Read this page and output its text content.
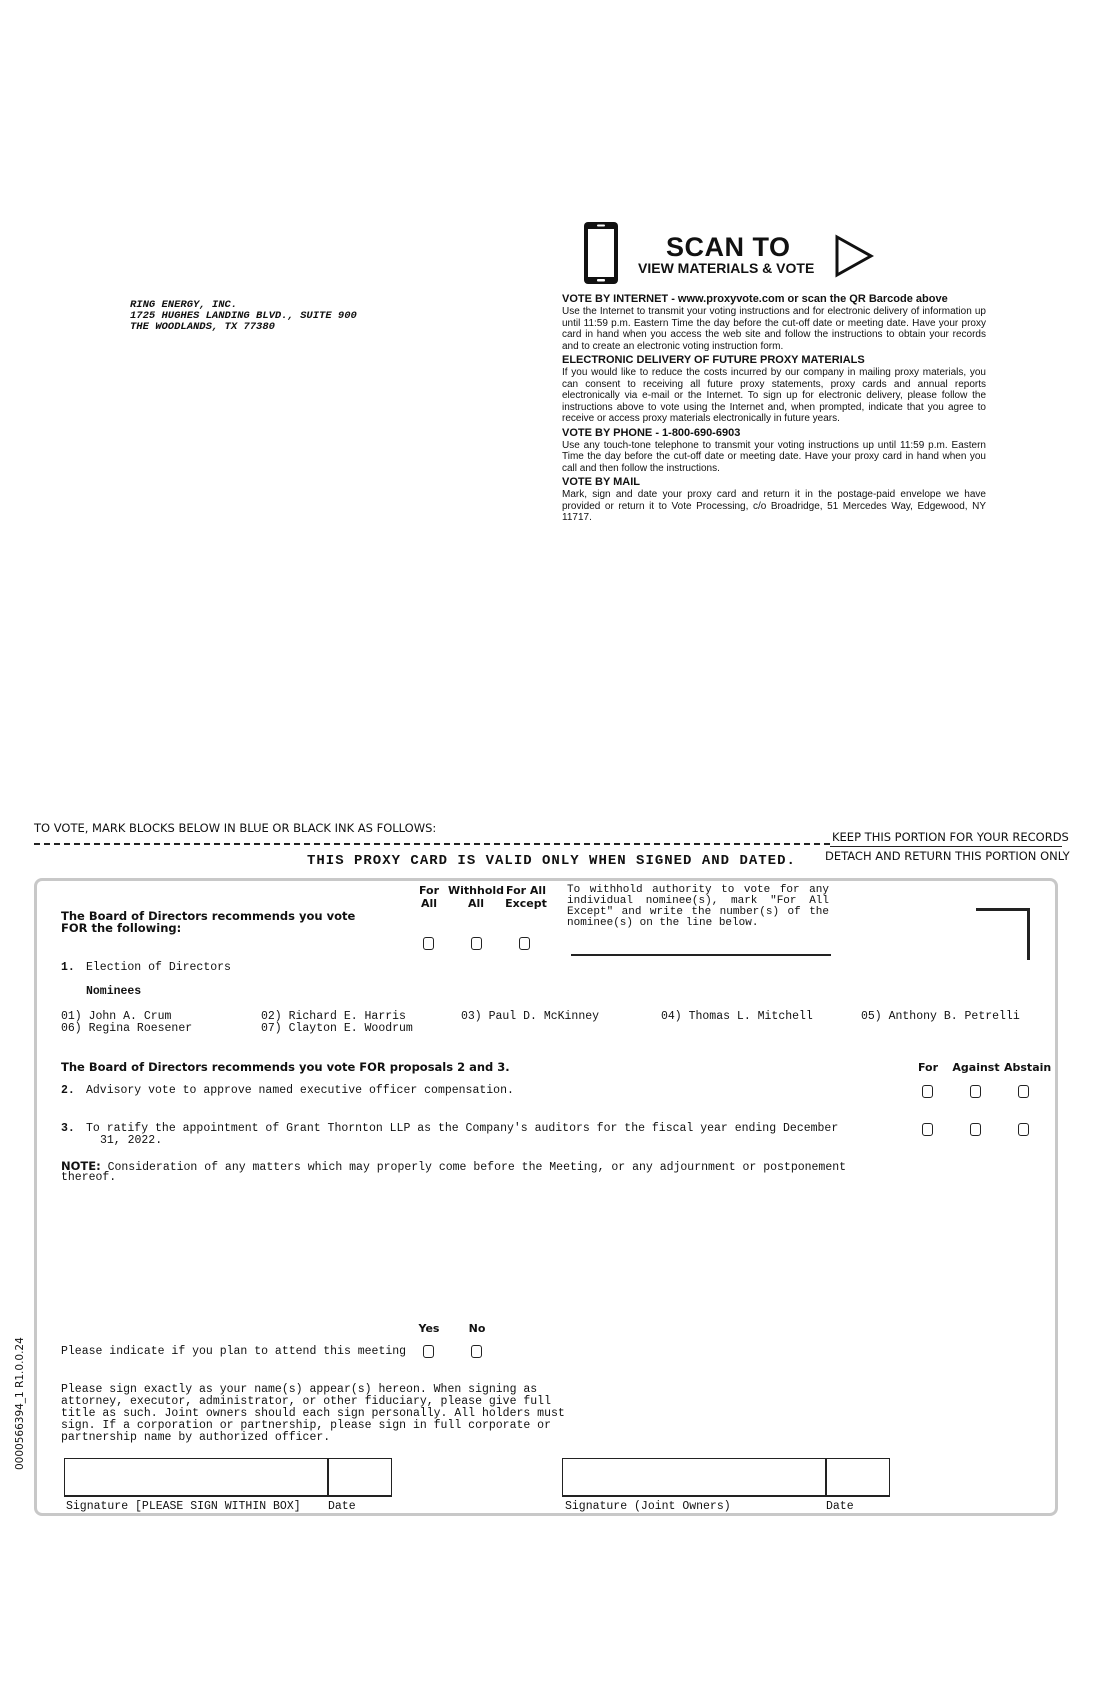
RING ENERGY, INC.
1725 HUGHES LANDING BLVD., SUITE 900
THE WOODLANDS, TX 77380
SCAN TO
VIEW MATERIALS & VOTE
VOTE BY INTERNET - www.proxyvote.com or scan the QR Barcode above

Use the Internet to transmit your voting instructions and for electronic delivery of information up until 11:59 p.m. Eastern Time the day before the cut-off date or meeting date. Have your proxy card in hand when you access the web site and follow the instructions to obtain your records and to create an electronic voting instruction form.

ELECTRONIC DELIVERY OF FUTURE PROXY MATERIALS

If you would like to reduce the costs incurred by our company in mailing proxy materials, you can consent to receiving all future proxy statements, proxy cards and annual reports electronically via e-mail or the Internet. To sign up for electronic delivery, please follow the instructions above to vote using the Internet and, when prompted, indicate that you agree to receive or access proxy materials electronically in future years.

VOTE BY PHONE - 1-800-690-6903

Use any touch-tone telephone to transmit your voting instructions up until 11:59 p.m. Eastern Time the day before the cut-off date or meeting date. Have your proxy card in hand when you call and then follow the instructions.

VOTE BY MAIL

Mark, sign and date your proxy card and return it in the postage-paid envelope we have provided or return it to Vote Processing, c/o Broadridge, 51 Mercedes Way, Edgewood, NY 11717.

TO VOTE, MARK BLOCKS BELOW IN BLUE OR BLACK INK AS FOLLOWS:
KEEP THIS PORTION FOR YOUR RECORDS
DETACH AND RETURN THIS PORTION ONLY
THIS PROXY CARD IS VALID ONLY WHEN SIGNED AND DATED.
For
All
Withhold
All
For All
Except
To withhold authority to vote for any individual nominee(s), mark "For All Except" and write the number(s) of the nominee(s) on the line below.
The Board of Directors recommends you vote FOR the following:
1. Election of Directors
Nominees
01) John A. Crum	02) Richard E. Harris	03) Paul D. McKinney	04) Thomas L. Mitchell	05) Anthony B. Petrelli
06) Regina Roesener	07) Clayton E. Woodrum
The Board of Directors recommends you vote FOR proposals 2 and 3.	For Against Abstain
2. Advisory vote to approve named executive officer compensation.
3. To ratify the appointment of Grant Thornton LLP as the Company's auditors for the fiscal year ending December
31, 2022.
NOTE: Consideration of any matters which may properly come before the Meeting, or any adjournment or postponement
thereof.
Yes	No
Please indicate if you plan to attend this meeting
Please sign exactly as your name(s) appear(s) hereon. When signing as
attorney, executor, administrator, or other fiduciary, please give full
title as such. Joint owners should each sign personally. All holders must
sign. If a corporation or partnership, please sign in full corporate or
partnership name by authorized officer.
Signature [PLEASE SIGN WITHIN BOX] Date	Signature (Joint Owners)	Date
0000566394_1 R1.0.0.24
